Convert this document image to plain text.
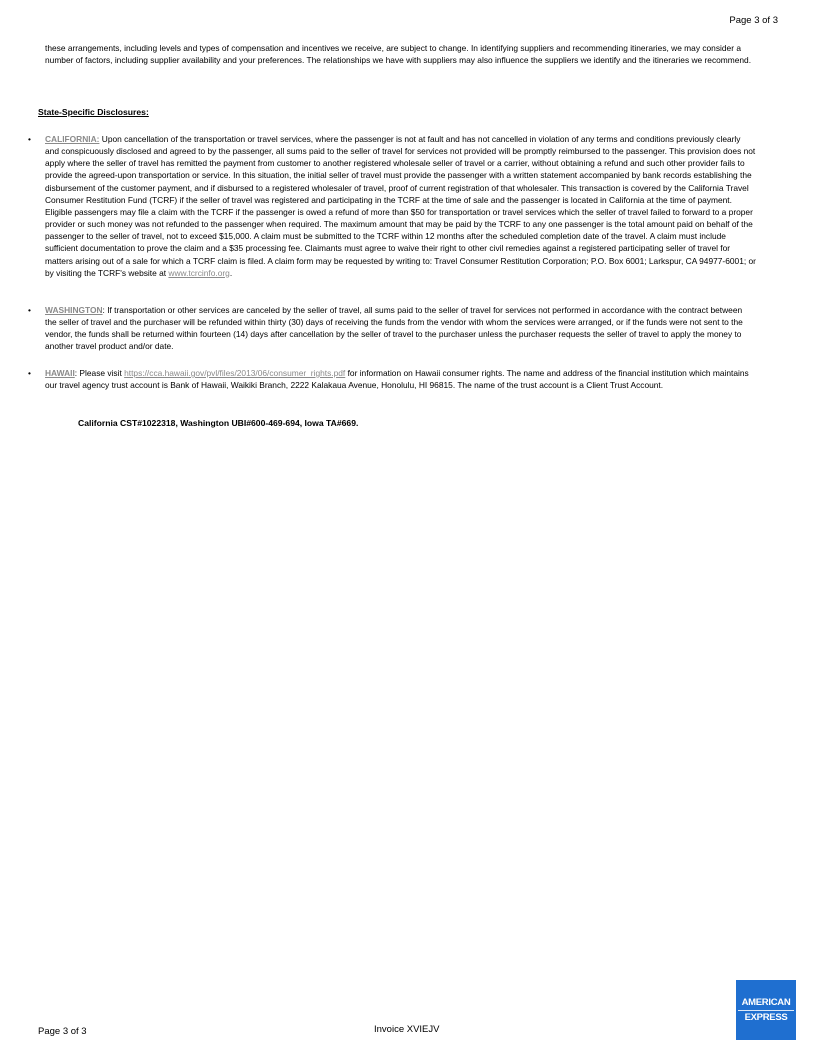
Page 3 of 3

these arrangements, including levels and types of compensation and incentives we receive, are subject to change. In identifying suppliers and recommending itineraries, we may consider a number of factors, including supplier availability and your preferences. The relationships we have with suppliers may also influence the suppliers we identify and the itineraries we recommend.

State-Specific Disclosures:

•	CALIFORNIA: Upon cancellation of the transportation or travel services, where the passenger is not at fault and has not cancelled in violation of any terms and conditions previously clearly and conspicuously disclosed and agreed to by the passenger, all sums paid to the seller of travel for services not provided will be promptly reimbursed to the passenger. This provision does not apply where the seller of travel has remitted the payment from customer to another registered wholesale seller of travel or a carrier, without obtaining a refund and such other provider fails to provide the agreed-upon transportation or service. In this situation, the initial seller of travel must provide the passenger with a written statement accompanied by bank records establishing the disbursement of the customer payment, and if disbursed to a registered wholesaler of travel, proof of current registration of that wholesaler. This transaction is covered by the California Travel Consumer Restitution Fund (TCRF) if the seller of travel was registered and participating in the TCRF at the time of sale and the passenger is located in California at the time of payment. Eligible passengers may file a claim with the TCRF if the passenger is owed a refund of more than $50 for transportation or travel services which the seller of travel failed to forward to a proper provider or such money was not refunded to the passenger when required. The maximum amount that may be paid by the TCRF to any one passenger is the total amount paid on behalf of the passenger to the seller of travel, not to exceed $15,000. A claim must be submitted to the TCRF within 12 months after the scheduled completion date of the travel. A claim must include sufficient documentation to prove the claim and a $35 processing fee. Claimants must agree to waive their right to other civil remedies against a registered participating seller of travel for matters arising out of a sale for which a TCRF claim is filed. A claim form may be requested by writing to: Travel Consumer Restitution Corporation; P.O. Box 6001; Larkspur, CA 94977-6001; or by visiting the TCRF's website at www.tcrcinfo.org.
•	WASHINGTON: If transportation or other services are canceled by the seller of travel, all sums paid to the seller of travel for services not performed in accordance with the contract between the seller of travel and the purchaser will be refunded within thirty (30) days of receiving the funds from the vendor with whom the services were arranged, or if the funds were not sent to the vendor, the funds shall be returned within fourteen (14) days after cancellation by the seller of travel to the purchaser unless the purchaser requests the seller of travel to apply the money to another travel product and/or date.
•	HAWAII: Please visit https://cca.hawaii.gov/pvl/files/2013/06/consumer_rights.pdf for information on Hawaii consumer rights. The name and address of the financial institution which maintains our travel agency trust account is Bank of Hawaii, Waikiki Branch, 2222 Kalakaua Avenue, Honolulu, HI 96815. The name of the trust account is a Client Trust Account.

California CST#1022318, Washington UBI#600-469-694, Iowa TA#669.

Page 3 of 3	Invoice XVIEJV
AMERICAN
EXPRESS
